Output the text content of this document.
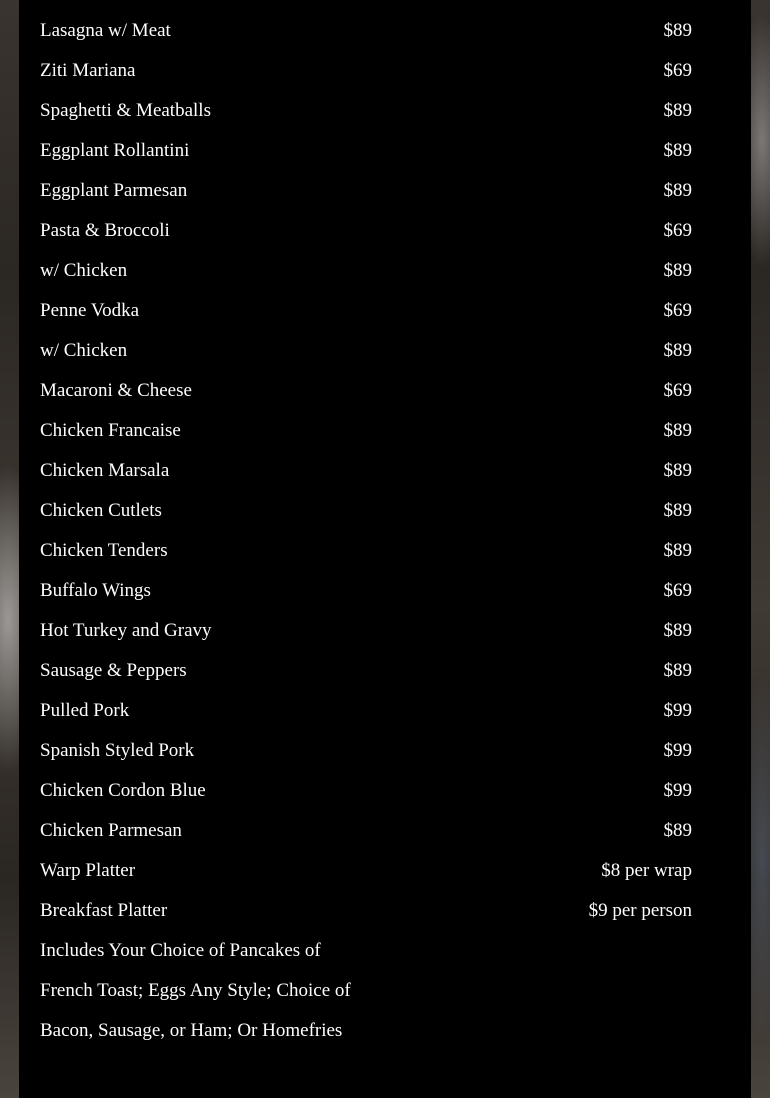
Lasagna w/ Meat	$89
Ziti Mariana	$69
Spaghetti & Meatballs	$89
Eggplant Rollantini	$89
Eggplant Parmesan	$89
Pasta & Broccoli	$69
w/ Chicken	$89
Penne Vodka	$69
w/ Chicken	$89
Macaroni & Cheese	$69
Chicken Francaise	$89
Chicken Marsala	$89
Chicken Cutlets	$89
Chicken Tenders	$89
Buffalo Wings	$69
Hot Turkey and Gravy	$89
Sausage & Peppers	$89
Pulled Pork	$99
Spanish Styled Pork	$99
Chicken Cordon Blue	$99
Chicken Parmesan	$89
Warp Platter	$8 per wrap
Breakfast Platter	$9 per person

Includes Your Choice of Pancakes of French Toast; Eggs Any Style; Choice of Bacon, Sausage, or Ham; Or Homefries
